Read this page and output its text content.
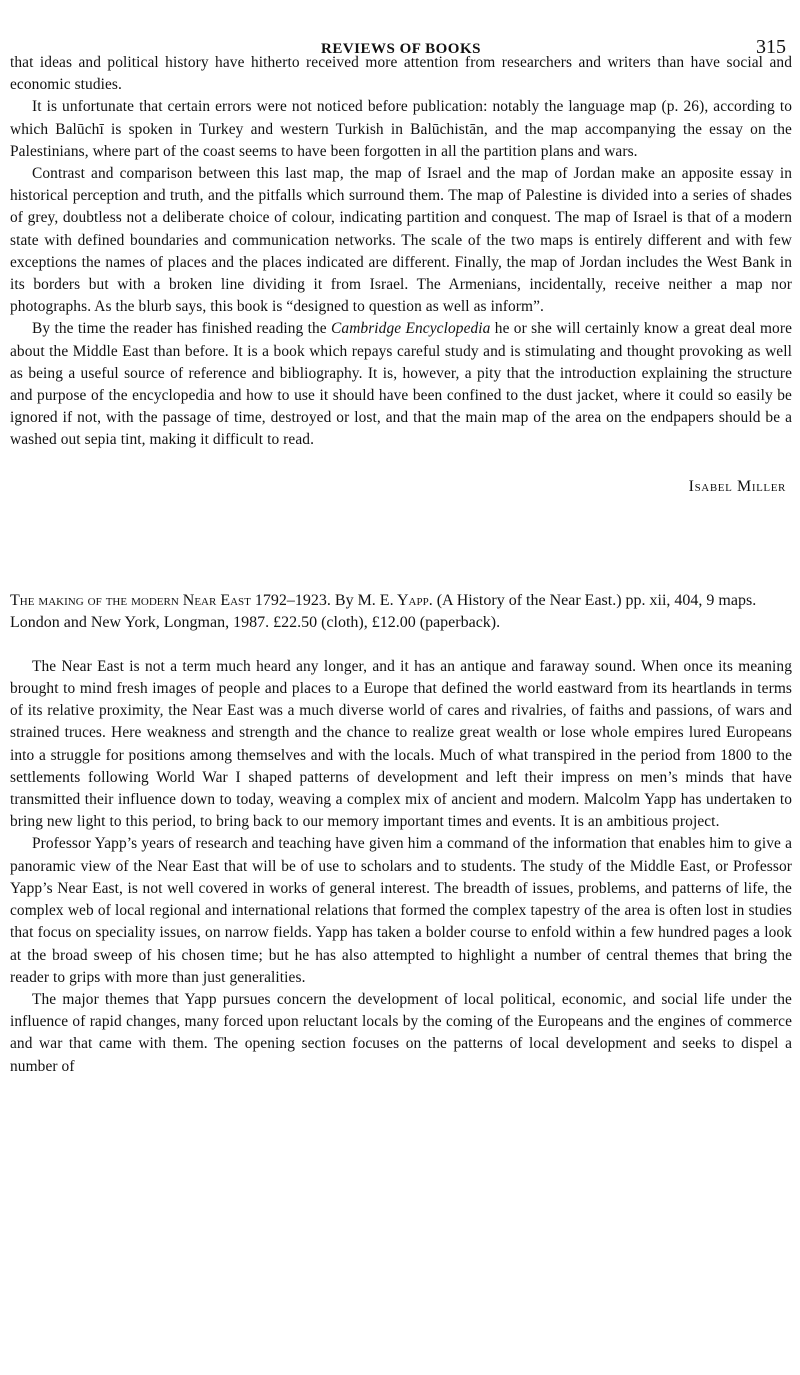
REVIEWS OF BOOKS	315

that ideas and political history have hitherto received more attention from researchers and writers than have social and economic studies.

It is unfortunate that certain errors were not noticed before publication: notably the language map (p. 26), according to which Balūchī is spoken in Turkey and western Turkish in Balūchistān, and the map accompanying the essay on the Palestinians, where part of the coast seems to have been forgotten in all the partition plans and wars.

Contrast and comparison between this last map, the map of Israel and the map of Jordan make an apposite essay in historical perception and truth, and the pitfalls which surround them. The map of Palestine is divided into a series of shades of grey, doubtless not a deliberate choice of colour, indicating partition and conquest. The map of Israel is that of a modern state with defined boundaries and communication networks. The scale of the two maps is entirely different and with few exceptions the names of places and the places indicated are different. Finally, the map of Jordan includes the West Bank in its borders but with a broken line dividing it from Israel. The Armenians, incidentally, receive neither a map nor photographs. As the blurb says, this book is “designed to question as well as inform”.

By the time the reader has finished reading the Cambridge Encyclopedia he or she will certainly know a great deal more about the Middle East than before. It is a book which repays careful study and is stimulating and thought provoking as well as being a useful source of reference and bibliography. It is, however, a pity that the introduction explaining the structure and purpose of the encyclopedia and how to use it should have been confined to the dust jacket, where it could so easily be ignored if not, with the passage of time, destroyed or lost, and that the main map of the area on the endpapers should be a washed out sepia tint, making it difficult to read.

Isabel Miller
The making of the modern Near East 1792–1923. By M. E. Yapp. (A History of the Near East.) pp. xii, 404, 9 maps. London and New York, Longman, 1987. £22.50 (cloth), £12.00 (paperback).

The Near East is not a term much heard any longer, and it has an antique and faraway sound. When once its meaning brought to mind fresh images of people and places to a Europe that defined the world eastward from its heartlands in terms of its relative proximity, the Near East was a much diverse world of cares and rivalries, of faiths and passions, of wars and strained truces. Here weakness and strength and the chance to realize great wealth or lose whole empires lured Europeans into a struggle for positions among themselves and with the locals. Much of what transpired in the period from 1800 to the settlements following World War I shaped patterns of development and left their impress on men’s minds that have transmitted their influence down to today, weaving a complex mix of ancient and modern. Malcolm Yapp has undertaken to bring new light to this period, to bring back to our memory important times and events. It is an ambitious project.

Professor Yapp’s years of research and teaching have given him a command of the information that enables him to give a panoramic view of the Near East that will be of use to scholars and to students. The study of the Middle East, or Professor Yapp’s Near East, is not well covered in works of general interest. The breadth of issues, problems, and patterns of life, the complex web of local regional and international relations that formed the complex tapestry of the area is often lost in studies that focus on speciality issues, on narrow fields. Yapp has taken a bolder course to enfold within a few hundred pages a look at the broad sweep of his chosen time; but he has also attempted to highlight a number of central themes that bring the reader to grips with more than just generalities.

The major themes that Yapp pursues concern the development of local political, economic, and social life under the influence of rapid changes, many forced upon reluctant locals by the coming of the Europeans and the engines of commerce and war that came with them. The opening section focuses on the patterns of local development and seeks to dispel a number of
